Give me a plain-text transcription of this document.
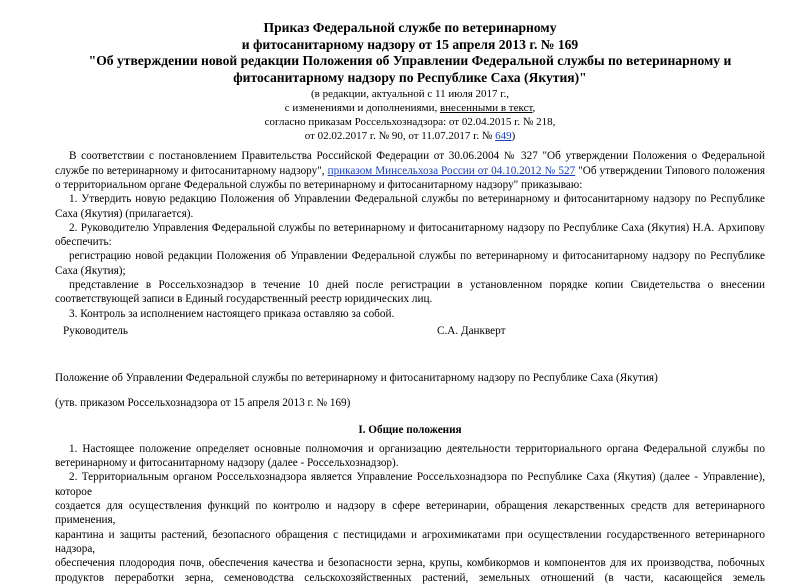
Приказ Федеральной службе по ветеринарному
и фитосанитарному надзору от 15 апреля 2013 г. № 169
"Об утверждении новой редакции Положения об Управлении Федеральной службы по ветеринарному и
фитосанитарному надзору по Республике Саха (Якутия)"
(в редакции, актуальной с 11 июля 2017 г.,
с изменениями и дополнениями, внесенными в текст,
согласно приказам Россельхознадзора: от 02.04.2015 г. № 218,
от 02.02.2017 г. № 90, от 11.07.2017 г. № 649)

В соответствии с постановлением Правительства Российской Федерации от 30.06.2004 № 327 "Об утверждении Положения о Федеральной службе по ветеринарному и фитосанитарному надзору", приказом Минсельхоза России от 04.10.2012 № 527 "Об утверждении Типового положения о территориальном органе Федеральной службы по ветеринарному и фитосанитарному надзору" приказываю:

1. Утвердить новую редакцию Положения об Управлении Федеральной службы по ветеринарному и фитосанитарному надзору по Республике Саха (Якутия) (прилагается).

2. Руководителю Управления Федеральной службы по ветеринарному и фитосанитарному надзору по Республике Саха (Якутия) Н.А. Архипову обеспечить:

регистрацию новой редакции Положения об Управлении Федеральной службы по ветеринарному и фитосанитарному надзору по Республике Саха (Якутия);

представление в Россельхознадзор в течение 10 дней после регистрации в установленном порядке копии Свидетельства о внесении соответствующей записи в Единый государственный реестр юридических лиц.

3. Контроль за исполнением настоящего приказа оставляю за собой.

Руководитель	С.А. Данкверт

Положение об Управлении Федеральной службы по ветеринарному и фитосанитарному надзору по Республике Саха (Якутия)

(утв. приказом Россельхознадзора от 15 апреля 2013 г. № 169)

I. Общие положения

1. Настоящее положение определяет основные полномочия и организацию деятельности территориального органа Федеральной службы по ветеринарному и фитосанитарному надзору (далее - Россельхознадзор).

2. Территориальным органом Россельхознадзора является Управление Россельхознадзора по Республике Саха (Якутия) (далее - Управление), которое

создается для осуществления функций по контролю и надзору в сфере ветеринарии, обращения лекарственных средств для ветеринарного применения,

карантина и защиты растений, безопасного обращения с пестицидами и агрохимикатами при осуществлении государственного ветеринарного надзора,

обеспечения плодородия почв, обеспечения качества и безопасности зерна, крупы, комбикормов и компонентов для их производства, побочных

продуктов переработки зерна, семеноводства сельскохозяйственных растений, земельных отношений (в части, касающейся земель
